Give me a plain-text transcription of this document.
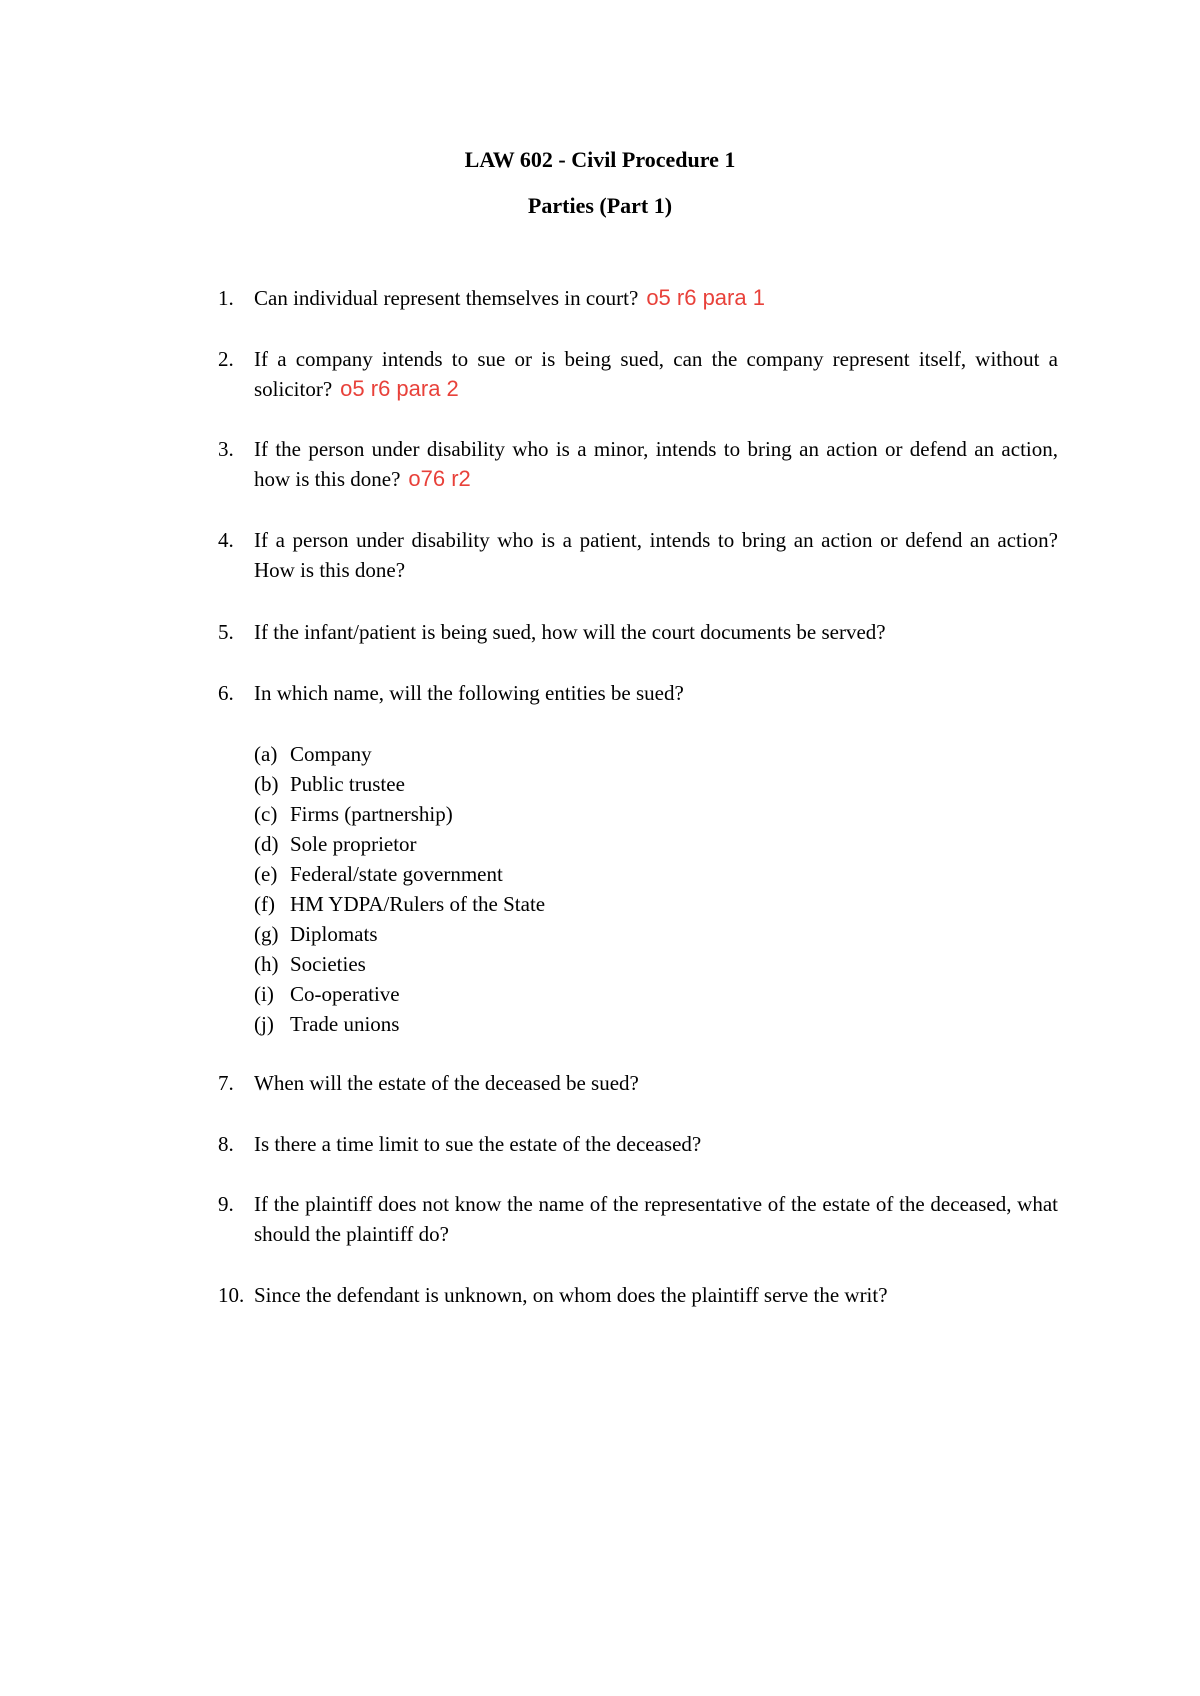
LAW 602 - Civil Procedure 1
Parties (Part 1)
1. Can individual represent themselves in court? o5 r6 para 1
2. If a company intends to sue or is being sued, can the company represent itself, without a solicitor? o5 r6 para 2
3. If the person under disability who is a minor, intends to bring an action or defend an action, how is this done? o76 r2
4. If a person under disability who is a patient, intends to bring an action or defend an action? How is this done?
5. If the infant/patient is being sued, how will the court documents be served?
6. In which name, will the following entities be sued?
(a) Company
(b) Public trustee
(c) Firms (partnership)
(d) Sole proprietor
(e) Federal/state government
(f) HM YDPA/Rulers of the State
(g) Diplomats
(h) Societies
(i) Co-operative
(j) Trade unions
7. When will the estate of the deceased be sued?
8. Is there a time limit to sue the estate of the deceased?
9. If the plaintiff does not know the name of the representative of the estate of the deceased, what should the plaintiff do?
10. Since the defendant is unknown, on whom does the plaintiff serve the writ?
